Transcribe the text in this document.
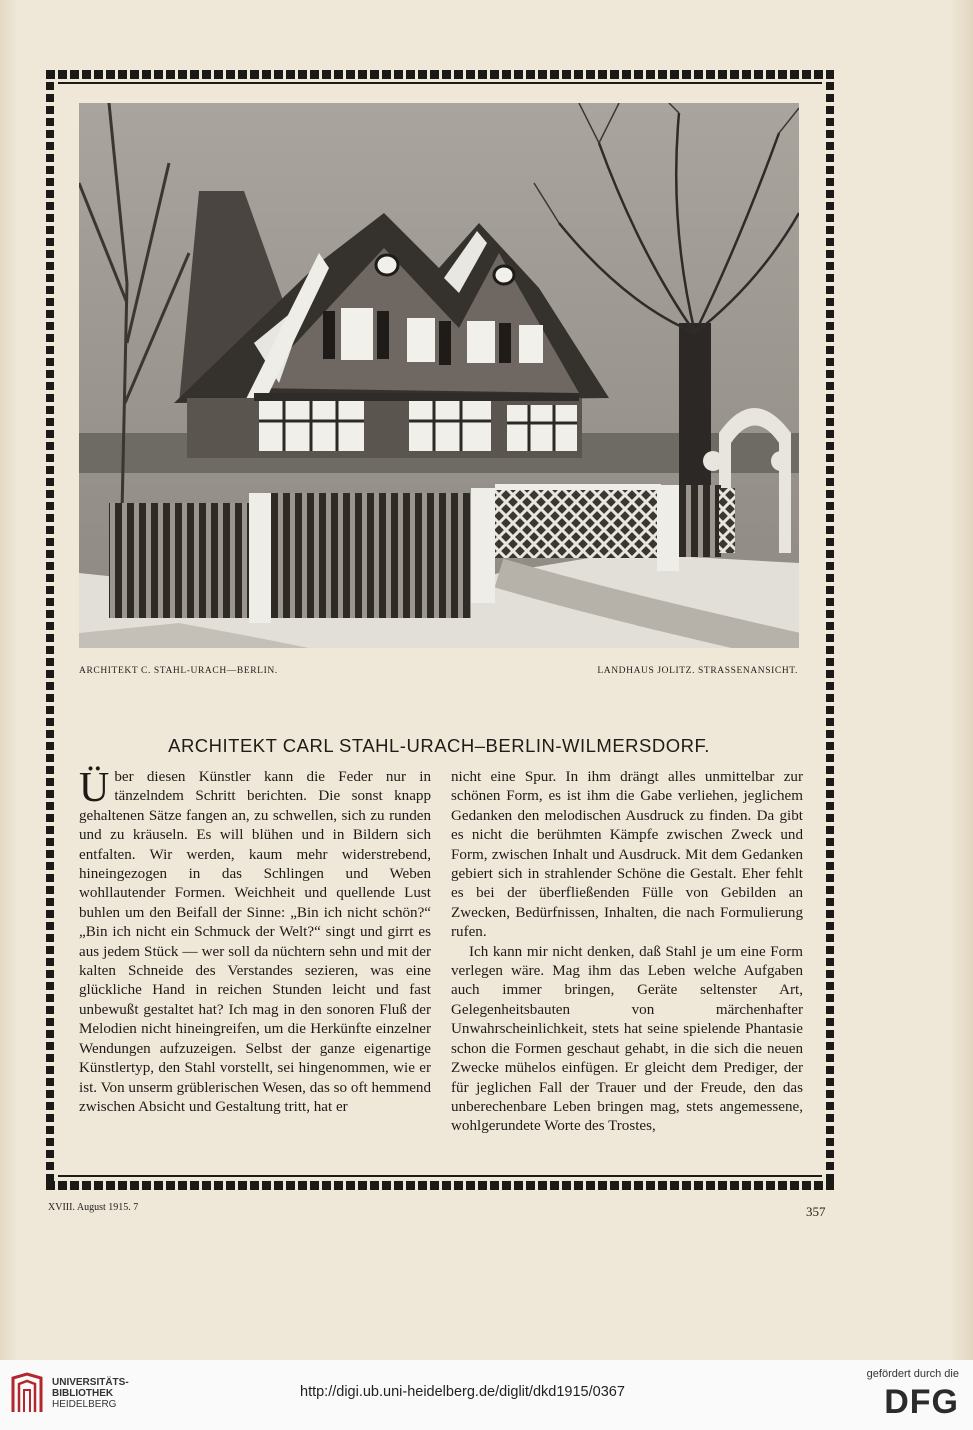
ARCHITEKT C. STAHL-URACH—BERLIN.	LANDHAUS JOLITZ. STRASSENANSICHT.
ARCHITEKT CARL STAHL-URACH–BERLIN-WILMERSDORF.

Über diesen Künstler kann die Feder nur in tänzelndem Schritt berichten. Die sonst knapp gehaltenen Sätze fangen an, zu schwellen, sich zu runden und zu kräuseln. Es will blühen und in Bildern sich entfalten. Wir werden, kaum mehr widerstrebend, hineingezogen in das Schlingen und Weben wohllautender Formen. Weichheit und quellende Lust buhlen um den Beifall der Sinne: „Bin ich nicht schön?“ „Bin ich nicht ein Schmuck der Welt?“ singt und girrt es aus jedem Stück — wer soll da nüchtern sehn und mit der kalten Schneide des Verstandes sezieren, was eine glückliche Hand in reichen Stunden leicht und fast unbewußt gestaltet hat? Ich mag in den sonoren Fluß der Melodien nicht hineingreifen, um die Herkünfte einzelner Wendungen aufzuzeigen. Selbst der ganze eigenartige Künstlertyp, den Stahl vorstellt, sei hingenommen, wie er ist. Von unserm grüblerischen Wesen, das so oft hemmend zwischen Absicht und Gestaltung tritt, hat er

nicht eine Spur. In ihm drängt alles unmittelbar zur schönen Form, es ist ihm die Gabe verliehen, jeglichem Gedanken den melodischen Ausdruck zu finden. Da gibt es nicht die berühmten Kämpfe zwischen Zweck und Form, zwischen Inhalt und Ausdruck. Mit dem Gedanken gebiert sich in strahlender Schöne die Gestalt. Eher fehlt es bei der überfließenden Fülle von Gebilden an Zwecken, Bedürfnissen, Inhalten, die nach Formulierung rufen.

Ich kann mir nicht denken, daß Stahl je um eine Form verlegen wäre. Mag ihm das Leben welche Aufgaben auch immer bringen, Geräte seltenster Art, Gelegenheitsbauten von märchenhafter Unwahrscheinlichkeit, stets hat seine spielende Phantasie schon die Formen geschaut gehabt, in die sich die neuen Zwecke mühelos einfügen. Er gleicht dem Prediger, der für jeglichen Fall der Trauer und der Freude, den das unberechenbare Leben bringen mag, stets angemessene, wohlgerundete Worte des Trostes,

XVIII. August 1915. 7	357
UNIVERSITÄTS-
BIBLIOTHEK
HEIDELBERG
http://digi.ub.uni-heidelberg.de/diglit/dkd1915/0367
gefördert durch die
DFG
